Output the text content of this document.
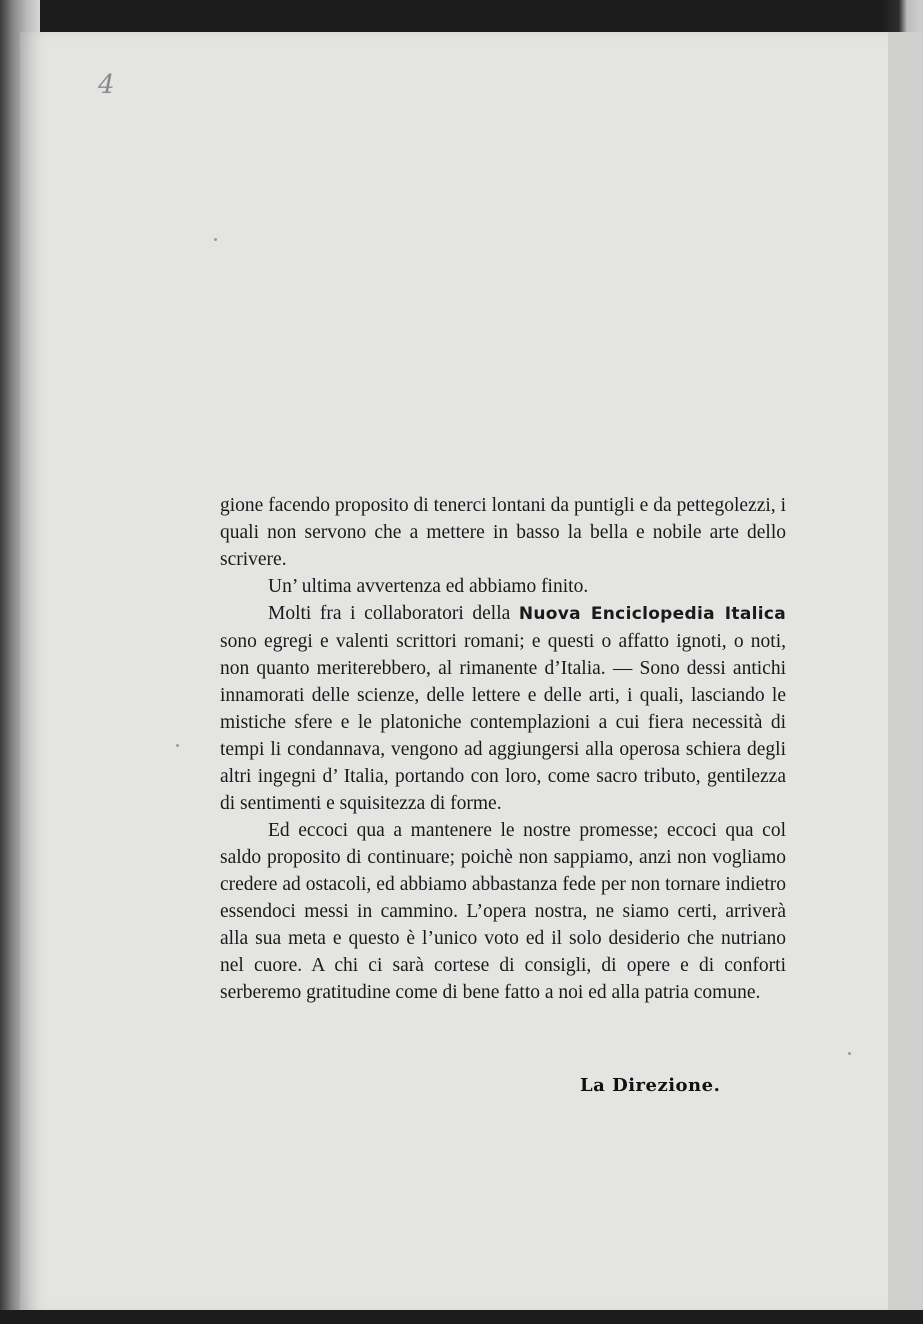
4

gione facendo proposito di tenerci lontani da puntigli e da pettegolezzi, i quali non servono che a mettere in basso la bella e nobile arte dello scrivere.

Un’ ultima avvertenza ed abbiamo finito.

Molti fra i collaboratori della Nuova Enciclopedia Italica sono egregi e valenti scrittori romani; e questi o affatto ignoti, o noti, non quanto meriterebbero, al rimanente d’Italia. — Sono dessi antichi innamorati delle scienze, delle lettere e delle arti, i quali, lasciando le mistiche sfere e le platoniche contemplazioni a cui fiera necessità di tempi li condannava, vengono ad aggiungersi alla operosa schiera degli altri ingegni d’ Italia, portando con loro, come sacro tributo, gentilezza di sentimenti e squisitezza di forme.

Ed eccoci qua a mantenere le nostre promesse; eccoci qua col saldo proposito di continuare; poichè non sappiamo, anzi non vogliamo credere ad ostacoli, ed abbiamo abbastanza fede per non tornare indietro essendoci messi in cammino. L’opera nostra, ne siamo certi, arriverà alla sua meta e questo è l’unico voto ed il solo desiderio che nutriano nel cuore. A chi ci sarà cortese di consigli, di opere e di conforti serberemo gratitudine come di bene fatto a noi ed alla patria comune.

La Direzione.
